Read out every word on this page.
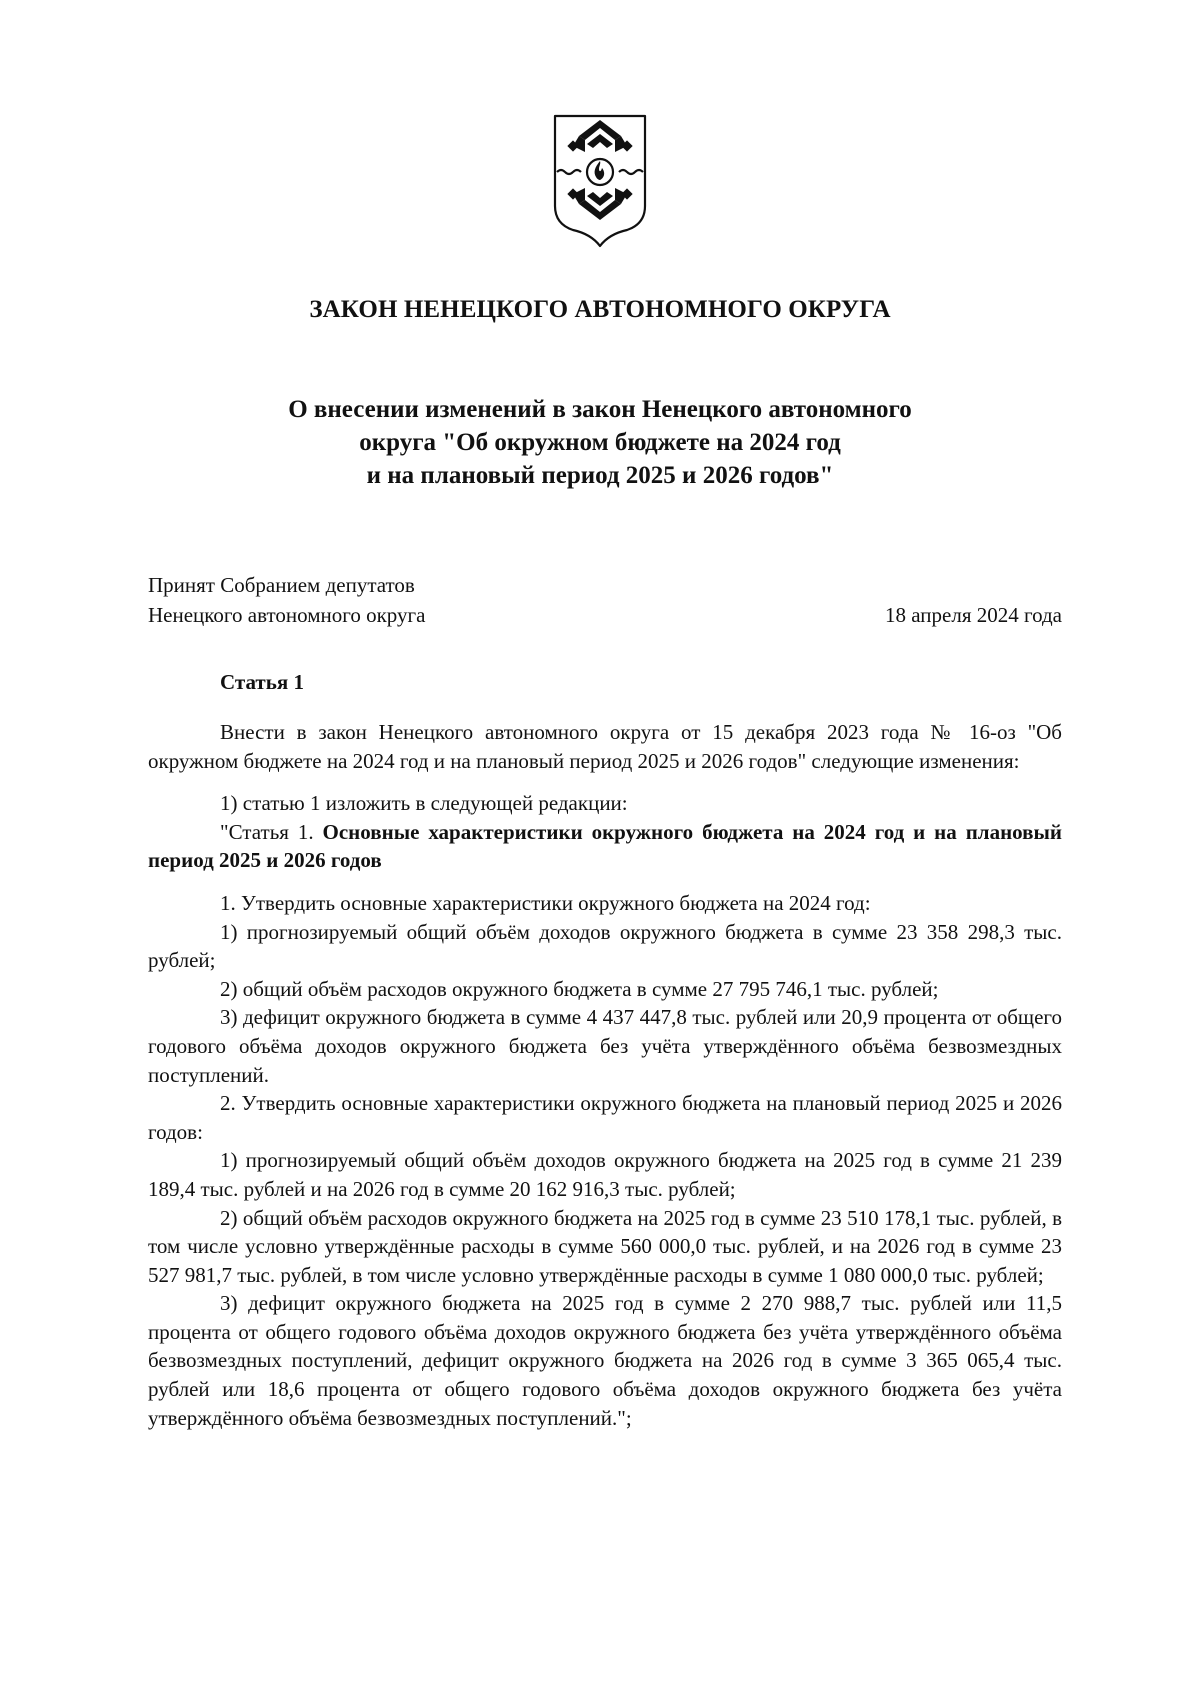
ЗАКОН НЕНЕЦКОГО АВТОНОМНОГО ОКРУГА
О внесении изменений в закон Ненецкого автономного
округа "Об окружном бюджете на 2024 год
и на плановый период 2025 и 2026 годов"
Принят Собранием депутатов
Ненецкого автономного округа	18 апреля 2024 года
Статья 1

Внести в закон Ненецкого автономного округа от 15 декабря 2023 года № 16-оз "Об окружном бюджете на 2024 год и на плановый период 2025 и 2026 годов" следующие изменения:

1) статью 1 изложить в следующей редакции:

"Статья 1. Основные характеристики окружного бюджета на 2024 год и на плановый период 2025 и 2026 годов

1. Утвердить основные характеристики окружного бюджета на 2024 год:

1) прогнозируемый общий объём доходов окружного бюджета в сумме 23 358 298,3 тыс. рублей;

2) общий объём расходов окружного бюджета в сумме 27 795 746,1 тыс. рублей;

3) дефицит окружного бюджета в сумме 4 437 447,8 тыс. рублей или 20,9 процента от общего годового объёма доходов окружного бюджета без учёта утверждённого объёма безвозмездных поступлений.

2. Утвердить основные характеристики окружного бюджета на плановый период 2025 и 2026 годов:

1) прогнозируемый общий объём доходов окружного бюджета на 2025 год в сумме 21 239 189,4 тыс. рублей и на 2026 год в сумме 20 162 916,3 тыс. рублей;

2) общий объём расходов окружного бюджета на 2025 год в сумме 23 510 178,1 тыс. рублей, в том числе условно утверждённые расходы в сумме 560 000,0 тыс. рублей, и на 2026 год в сумме 23 527 981,7 тыс. рублей, в том числе условно утверждённые расходы в сумме 1 080 000,0 тыс. рублей;

3) дефицит окружного бюджета на 2025 год в сумме 2 270 988,7 тыс. рублей или 11,5 процента от общего годового объёма доходов окружного бюджета без учёта утверждённого объёма безвозмездных поступлений, дефицит окружного бюджета на 2026 год в сумме 3 365 065,4 тыс. рублей или 18,6 процента от общего годового объёма доходов окружного бюджета без учёта утверждённого объёма безвозмездных поступлений.";
